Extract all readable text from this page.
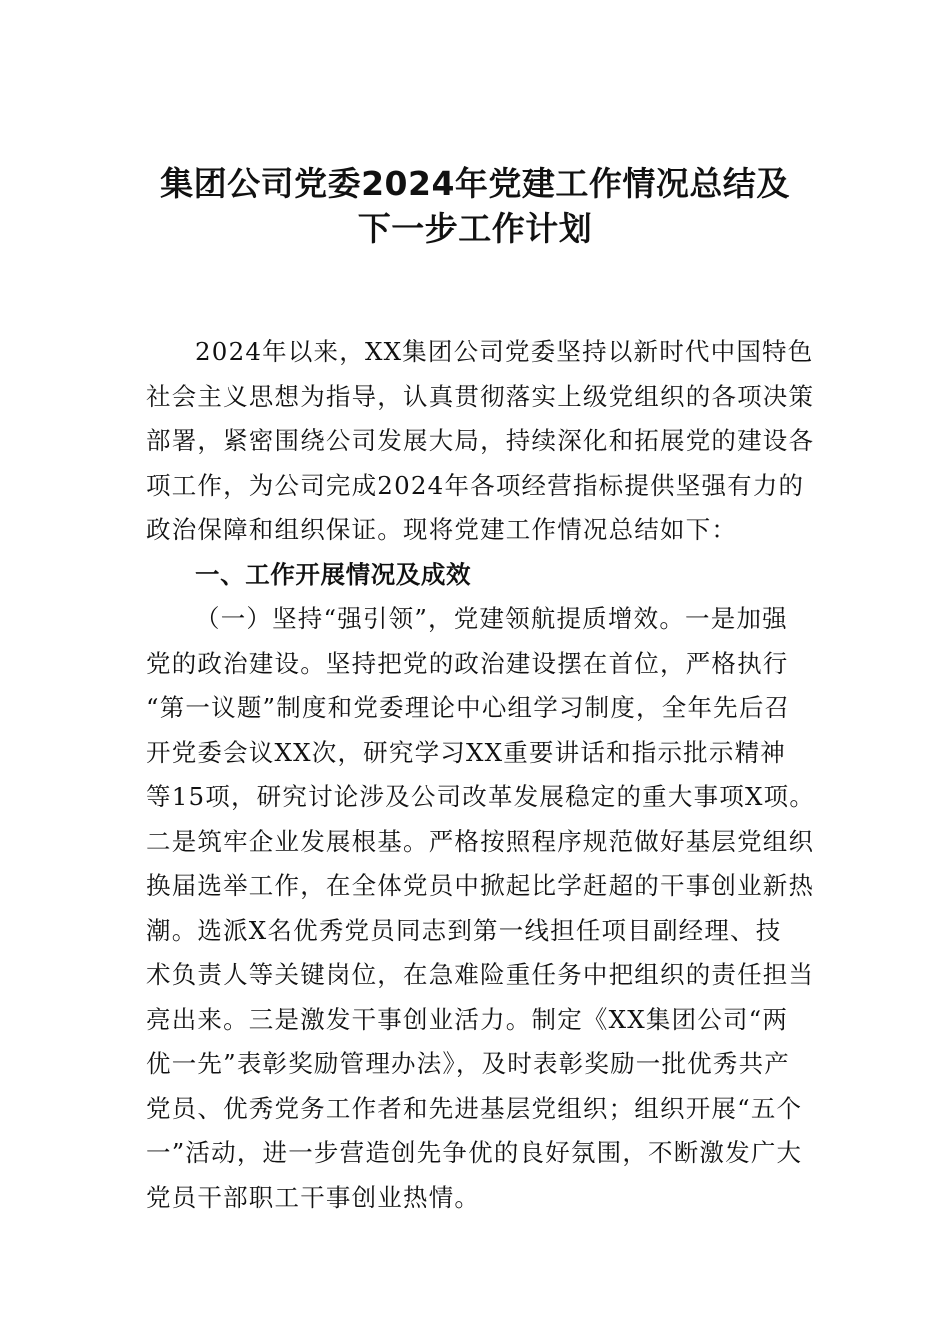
集团公司党委2024年党建工作情况总结及
下一步工作计划
2024年以来，XX集团公司党委坚持以新时代中国特色
社会主义思想为指导，认真贯彻落实上级党组织的各项决策
部署，紧密围绕公司发展大局，持续深化和拓展党的建设各
项工作，为公司完成2024年各项经营指标提供坚强有力的
政治保障和组织保证。现将党建工作情况总结如下：
一、工作开展情况及成效
（一）坚持“强引领”，党建领航提质增效。一是加强
党的政治建设。坚持把党的政治建设摆在首位，严格执行
“第一议题”制度和党委理论中心组学习制度，全年先后召
开党委会议XX次，研究学习XX重要讲话和指示批示精神
等15项，研究讨论涉及公司改革发展稳定的重大事项X项。
二是筑牢企业发展根基。严格按照程序规范做好基层党组织
换届选举工作，在全体党员中掀起比学赶超的干事创业新热
潮。选派X名优秀党员同志到第一线担任项目副经理、技
术负责人等关键岗位，在急难险重任务中把组织的责任担当
亮出来。三是激发干事创业活力。制定《XX集团公司“两
优一先”表彰奖励管理办法》，及时表彰奖励一批优秀共产
党员、优秀党务工作者和先进基层党组织；组织开展“五个
一”活动，进一步营造创先争优的良好氛围，不断激发广大
党员干部职工干事创业热情。
